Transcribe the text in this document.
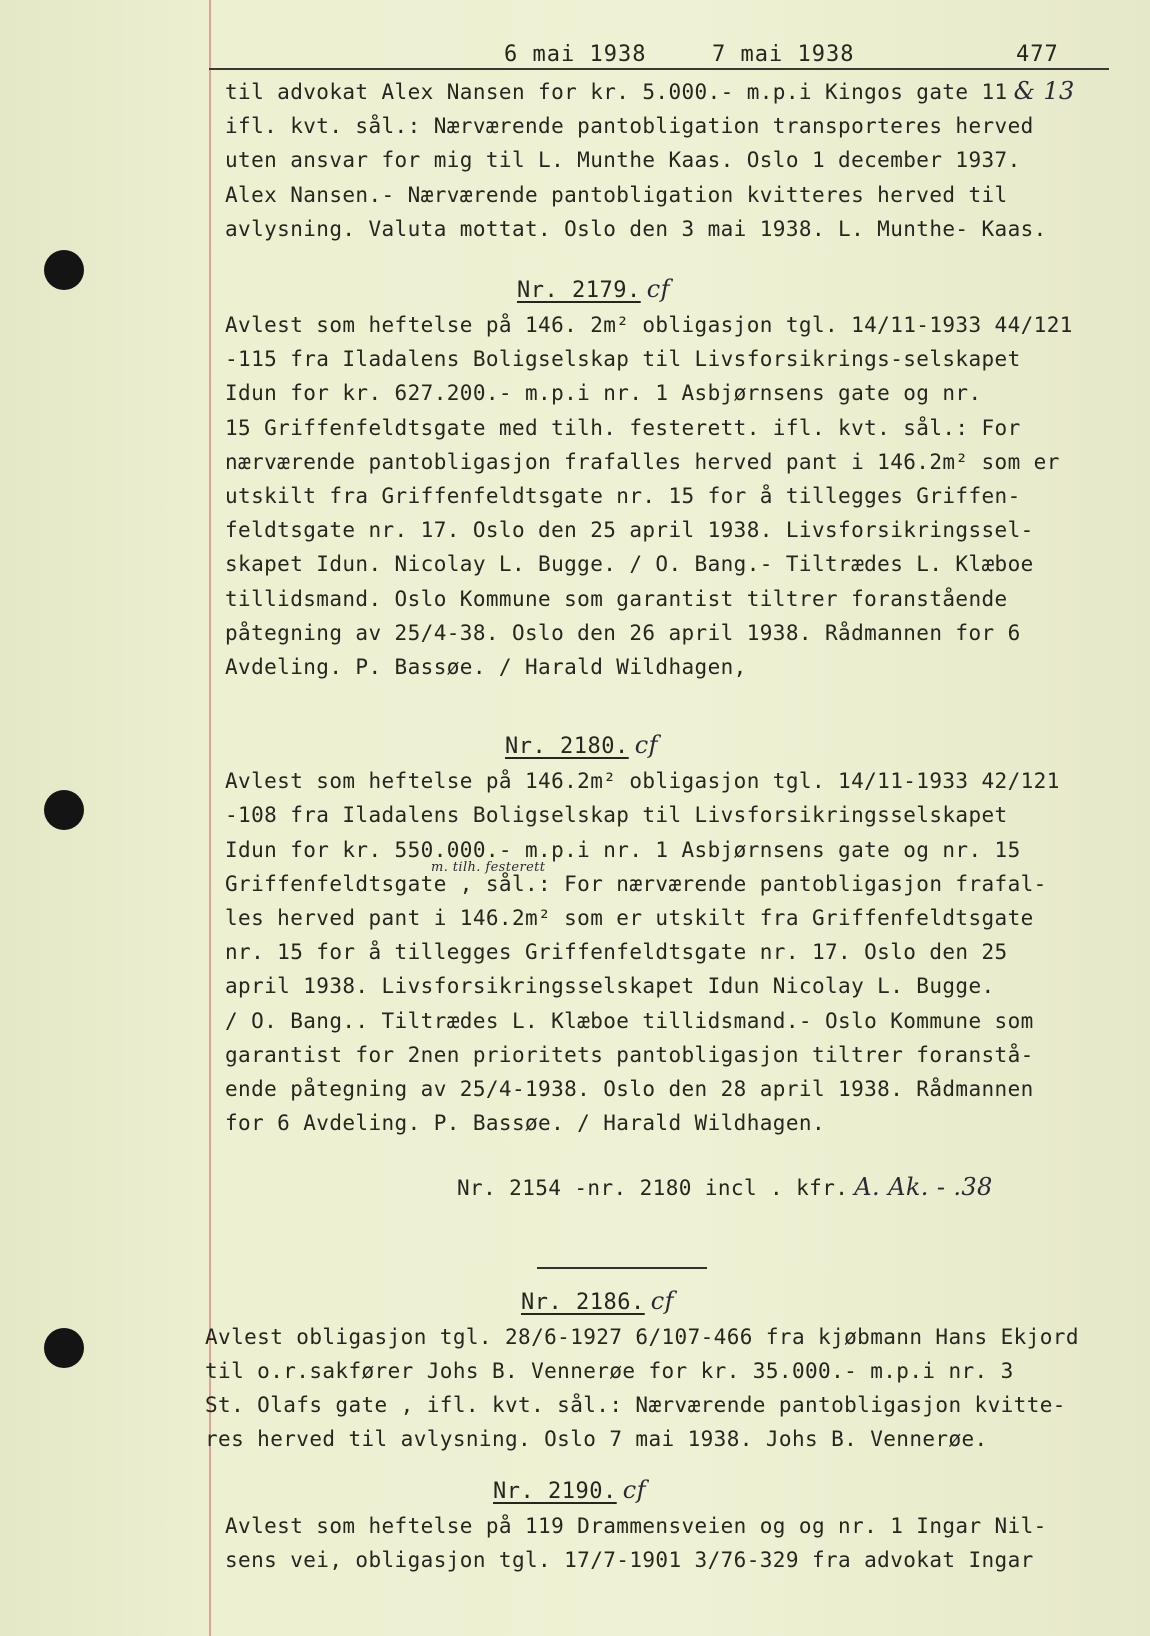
6 mai 1938	7 mai 1938	477
til advokat Alex Nansen for kr. 5.000.- m.p.i Kingos gate 11 & 13
ifl. kvt. sål.: Nærværende pantobligation transporteres herved
uten ansvar for mig til L. Munthe Kaas. Oslo 1 december 1937.
Alex Nansen.- Nærværende pantobligation kvitteres herved til
avlysning. Valuta mottat. Oslo den 3 mai 1938. L. Munthe- Kaas.
Nr. 2179. cf
Avlest som heftelse på 146. 2m² obligasjon tgl. 14/11-1933 44/121
-115 fra Iladalens Boligselskap til Livsforsikrings-selskapet
Idun for kr. 627.200.- m.p.i nr. 1 Asbjørnsens gate og nr.
15 Griffenfeldtsgate med tilh. festerett. ifl. kvt. sål.: For
nærværende pantobligasjon frafalles herved pant i 146.2m² som er
utskilt fra Griffenfeldtsgate nr. 15 for å tillegges Griffen-
feldtsgate nr. 17. Oslo den 25 april 1938. Livsforsikringssel-
skapet Idun. Nicolay L. Bugge. / O. Bang.- Tiltrædes L. Klæboe
tillidsmand. Oslo Kommune som garantist tiltrer foranstående
påtegning av 25/4-38. Oslo den 26 april 1938. Rådmannen for 6
Avdeling. P. Bassøe. / Harald Wildhagen,
Nr. 2180. cf
Avlest som heftelse på 146.2m² obligasjon tgl. 14/11-1933 42/121
-108 fra Iladalens Boligselskap til Livsforsikringsselskapet
Idun for kr. 550.000.- m.p.i nr. 1 Asbjørnsens gate og nr. 15
Griffenfeldtsgate , sål.: For nærværende pantobligasjon frafal-
m. tilh. festerett
les herved pant i 146.2m² som er utskilt fra Griffenfeldtsgate
nr. 15 for å tillegges Griffenfeldtsgate nr. 17. Oslo den 25
april 1938. Livsforsikringsselskapet Idun Nicolay L. Bugge.
/ O. Bang.. Tiltrædes L. Klæboe tillidsmand.- Oslo Kommune som
garantist for 2nen prioritets pantobligasjon tiltrer foranstå-
ende påtegning av 25/4-1938. Oslo den 28 april 1938. Rådmannen
for 6 Avdeling. P. Bassøe. / Harald Wildhagen.
Nr. 2154 -nr. 2180 incl . kfr. A. Ak. - .38
Nr. 2186. cf
Avlest obligasjon tgl. 28/6-1927 6/107-466 fra kjøbmann Hans Ekjord
til o.r.sakfører Johs B. Vennerøe for kr. 35.000.- m.p.i nr. 3
St. Olafs gate , ifl. kvt. sål.: Nærværende pantobligasjon kvitte-
res herved til avlysning. Oslo 7 mai 1938. Johs B. Vennerøe.
Nr. 2190. cf
Avlest som heftelse på 119 Drammensveien og og nr. 1 Ingar Nil-
sens vei, obligasjon tgl. 17/7-1901 3/76-329 fra advokat Ingar
